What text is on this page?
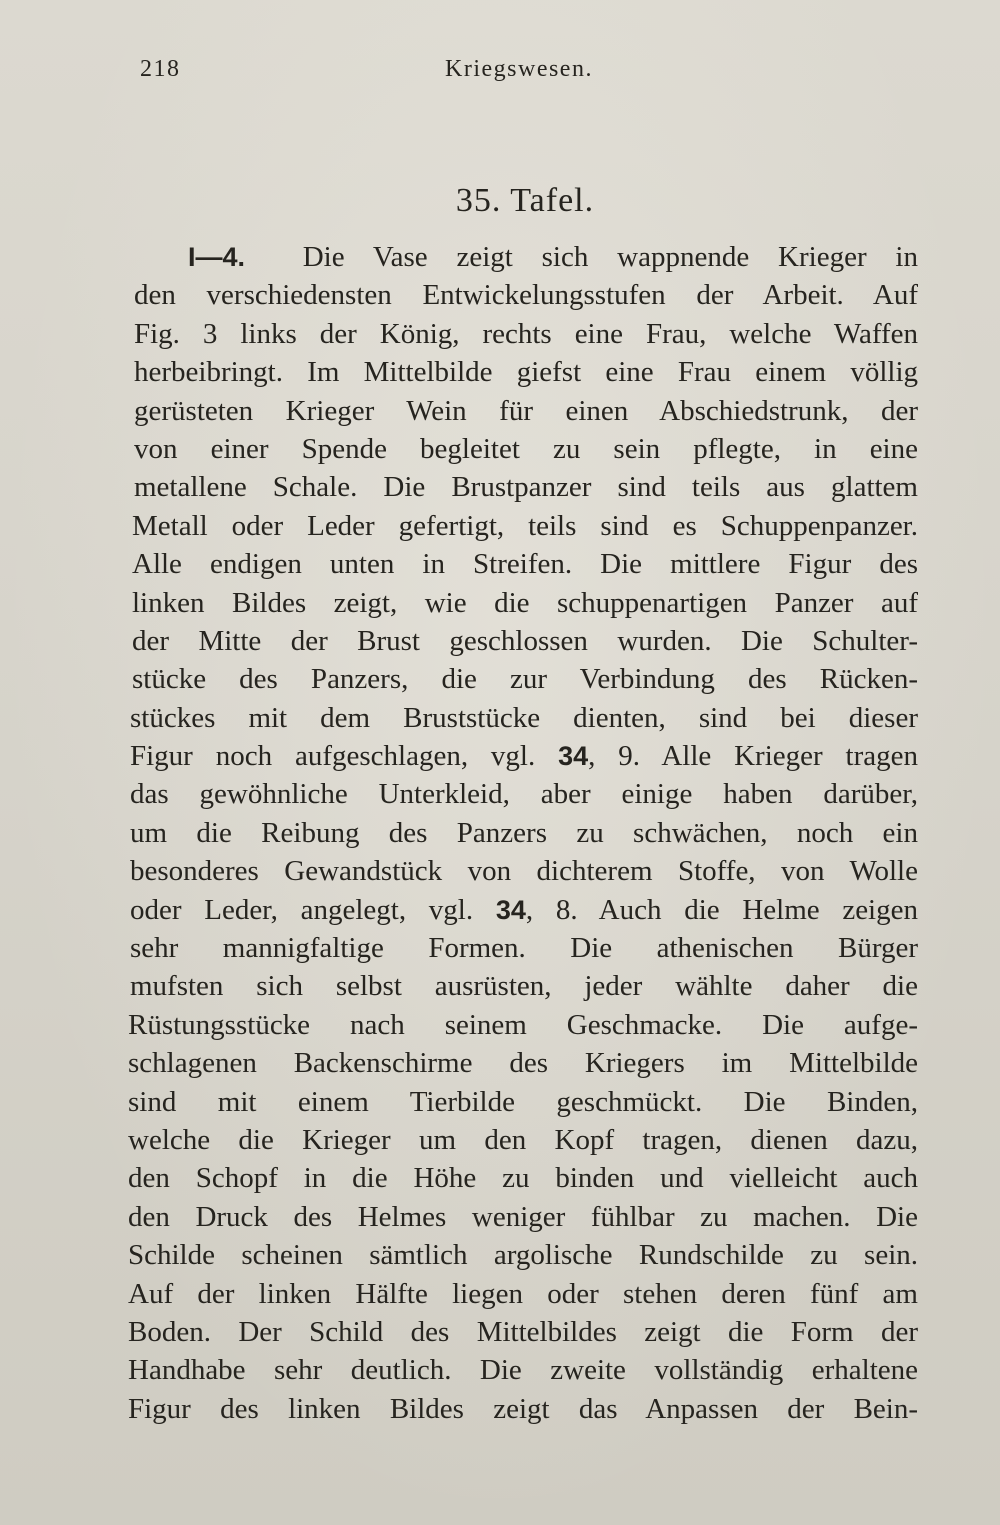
218	Kriegswesen.
35. Tafel.
I—4. Die Vase zeigt sich wappnende Krieger in
den verschiedensten Entwickelungsstufen der Arbeit. Auf
Fig. 3 links der König, rechts eine Frau, welche Waffen
herbeibringt. Im Mittelbilde giefst eine Frau einem völlig
gerüsteten Krieger Wein für einen Abschiedstrunk, der
von einer Spende begleitet zu sein pflegte, in eine
metallene Schale. Die Brustpanzer sind teils aus glattem
Metall oder Leder gefertigt, teils sind es Schuppenpanzer.
Alle endigen unten in Streifen. Die mittlere Figur des
linken Bildes zeigt, wie die schuppenartigen Panzer auf
der Mitte der Brust geschlossen wurden. Die Schulter-
stücke des Panzers, die zur Verbindung des Rücken-
stückes mit dem Bruststücke dienten, sind bei dieser
Figur noch aufgeschlagen, vgl. 34, 9. Alle Krieger tragen
das gewöhnliche Unterkleid, aber einige haben darüber,
um die Reibung des Panzers zu schwächen, noch ein
besonderes Gewandstück von dichterem Stoffe, von Wolle
oder Leder, angelegt, vgl. 34, 8. Auch die Helme zeigen
sehr mannigfaltige Formen. Die athenischen Bürger
mufsten sich selbst ausrüsten, jeder wählte daher die
Rüstungsstücke nach seinem Geschmacke. Die aufge-
schlagenen Backenschirme des Kriegers im Mittelbilde
sind mit einem Tierbilde geschmückt. Die Binden,
welche die Krieger um den Kopf tragen, dienen dazu,
den Schopf in die Höhe zu binden und vielleicht auch
den Druck des Helmes weniger fühlbar zu machen. Die
Schilde scheinen sämtlich argolische Rundschilde zu sein.
Auf der linken Hälfte liegen oder stehen deren fünf am
Boden. Der Schild des Mittelbildes zeigt die Form der
Handhabe sehr deutlich. Die zweite vollständig erhaltene
Figur des linken Bildes zeigt das Anpassen der Bein-
